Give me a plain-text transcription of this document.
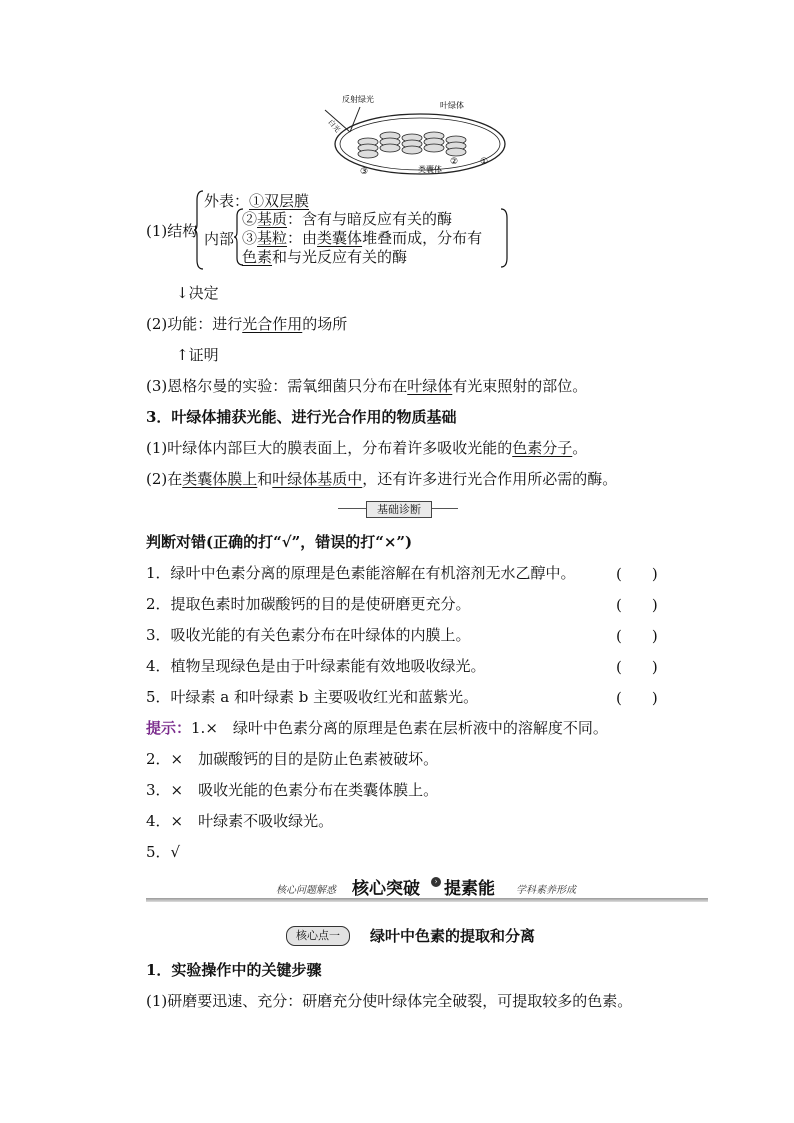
反射绿光
叶绿体
白光
类囊体
③
② ①
(1)结构
外表：①双层膜
内部
②基质：含有与暗反应有关的酶
③基粒：由类囊体堆叠而成，分布有
色素和与光反应有关的酶
↓决定
(2)功能：进行光合作用的场所
↑证明
(3)恩格尔曼的实验：需氧细菌只分布在叶绿体有光束照射的部位。
3．叶绿体捕获光能、进行光合作用的物质基础
(1)叶绿体内部巨大的膜表面上，分布着许多吸收光能的色素分子。
(2)在类囊体膜上和叶绿体基质中，还有许多进行光合作用所必需的酶。
基础诊断
判断对错(正确的打“√”，错误的打“×”)
1．绿叶中色素分离的原理是色素能溶解在有机溶剂无水乙醇中。	(　　)
2．提取色素时加碳酸钙的目的是使研磨更充分。	(　　)
3．吸收光能的有关色素分布在叶绿体的内膜上。	(　　)
4．植物呈现绿色是由于叶绿素能有效地吸收绿光。	(　　)
5．叶绿素 a 和叶绿素 b 主要吸收红光和蓝紫光。	(　　)
提示：1.×　绿叶中色素分离的原理是色素在层析液中的溶解度不同。
2．×　加碳酸钙的目的是防止色素被破坏。
3．×　吸收光能的色素分布在类囊体膜上。
4．×　叶绿素不吸收绿光。
5．√
核心问题解惑 核心突破	› 提素能 学科素养形成
核心点一	绿叶中色素的提取和分离
1．实验操作中的关键步骤
(1)研磨要迅速、充分：研磨充分使叶绿体完全破裂，可提取较多的色素。
